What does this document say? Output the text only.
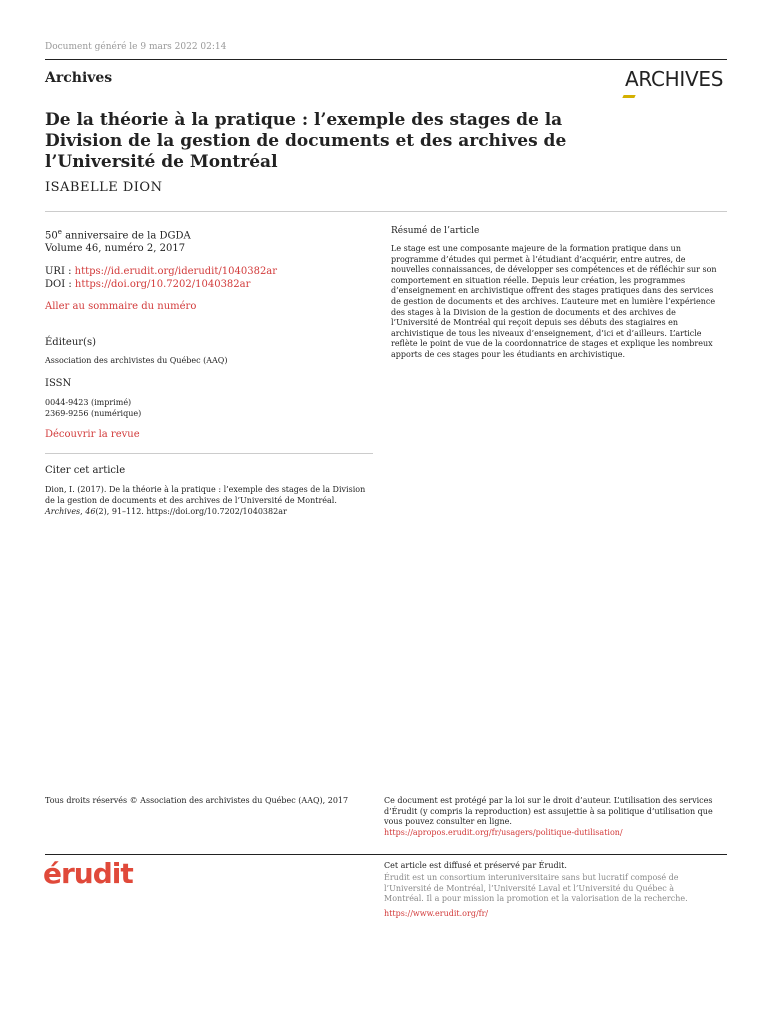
Document généré le 9 mars 2022 02:14
Archives	ARCHIVES
De la théorie à la pratique : l’exemple des stages de la Division de la gestion de documents et des archives de l’Université de Montréal
ISABELLE DION
50e anniversaire de la DGDA
Volume 46, numéro 2, 2017
URI : https://id.erudit.org/iderudit/1040382ar
DOI : https://doi.org/10.7202/1040382ar
Aller au sommaire du numéro
Éditeur(s)
Association des archivistes du Québec (AAQ)
ISSN
0044-9423 (imprimé)
2369-9256 (numérique)
Découvrir la revue
Citer cet article
Dion, I. (2017). De la théorie à la pratique : l’exemple des stages de la Division de la gestion de documents et des archives de l’Université de Montréal. Archives, 46(2), 91–112. https://doi.org/10.7202/1040382ar
Résumé de l’article
Le stage est une composante majeure de la formation pratique dans un programme d’études qui permet à l’étudiant d’acquérir, entre autres, de nouvelles connaissances, de développer ses compétences et de réfléchir sur son comportement en situation réelle. Depuis leur création, les programmes d’enseignement en archivistique offrent des stages pratiques dans des services de gestion de documents et des archives. L’auteure met en lumière l’expérience des stages à la Division de la gestion de documents et des archives de l’Université de Montréal qui reçoit depuis ses débuts des stagiaires en archivistique de tous les niveaux d’enseignement, d’ici et d’ailleurs. L’article reflète le point de vue de la coordonnatrice de stages et explique les nombreux apports de ces stages pour les étudiants en archivistique.
Tous droits réservés © Association des archivistes du Québec (AAQ), 2017	Ce document est protégé par la loi sur le droit d’auteur. L’utilisation des services d’Érudit (y compris la reproduction) est assujettie à sa politique d’utilisation que vous pouvez consulter en ligne.
https://apropos.erudit.org/fr/usagers/politique-dutilisation/
érudit	Cet article est diffusé et préservé par Érudit.
Érudit est un consortium interuniversitaire sans but lucratif composé de l’Université de Montréal, l’Université Laval et l’Université du Québec à Montréal. Il a pour mission la promotion et la valorisation de la recherche.
https://www.erudit.org/fr/
